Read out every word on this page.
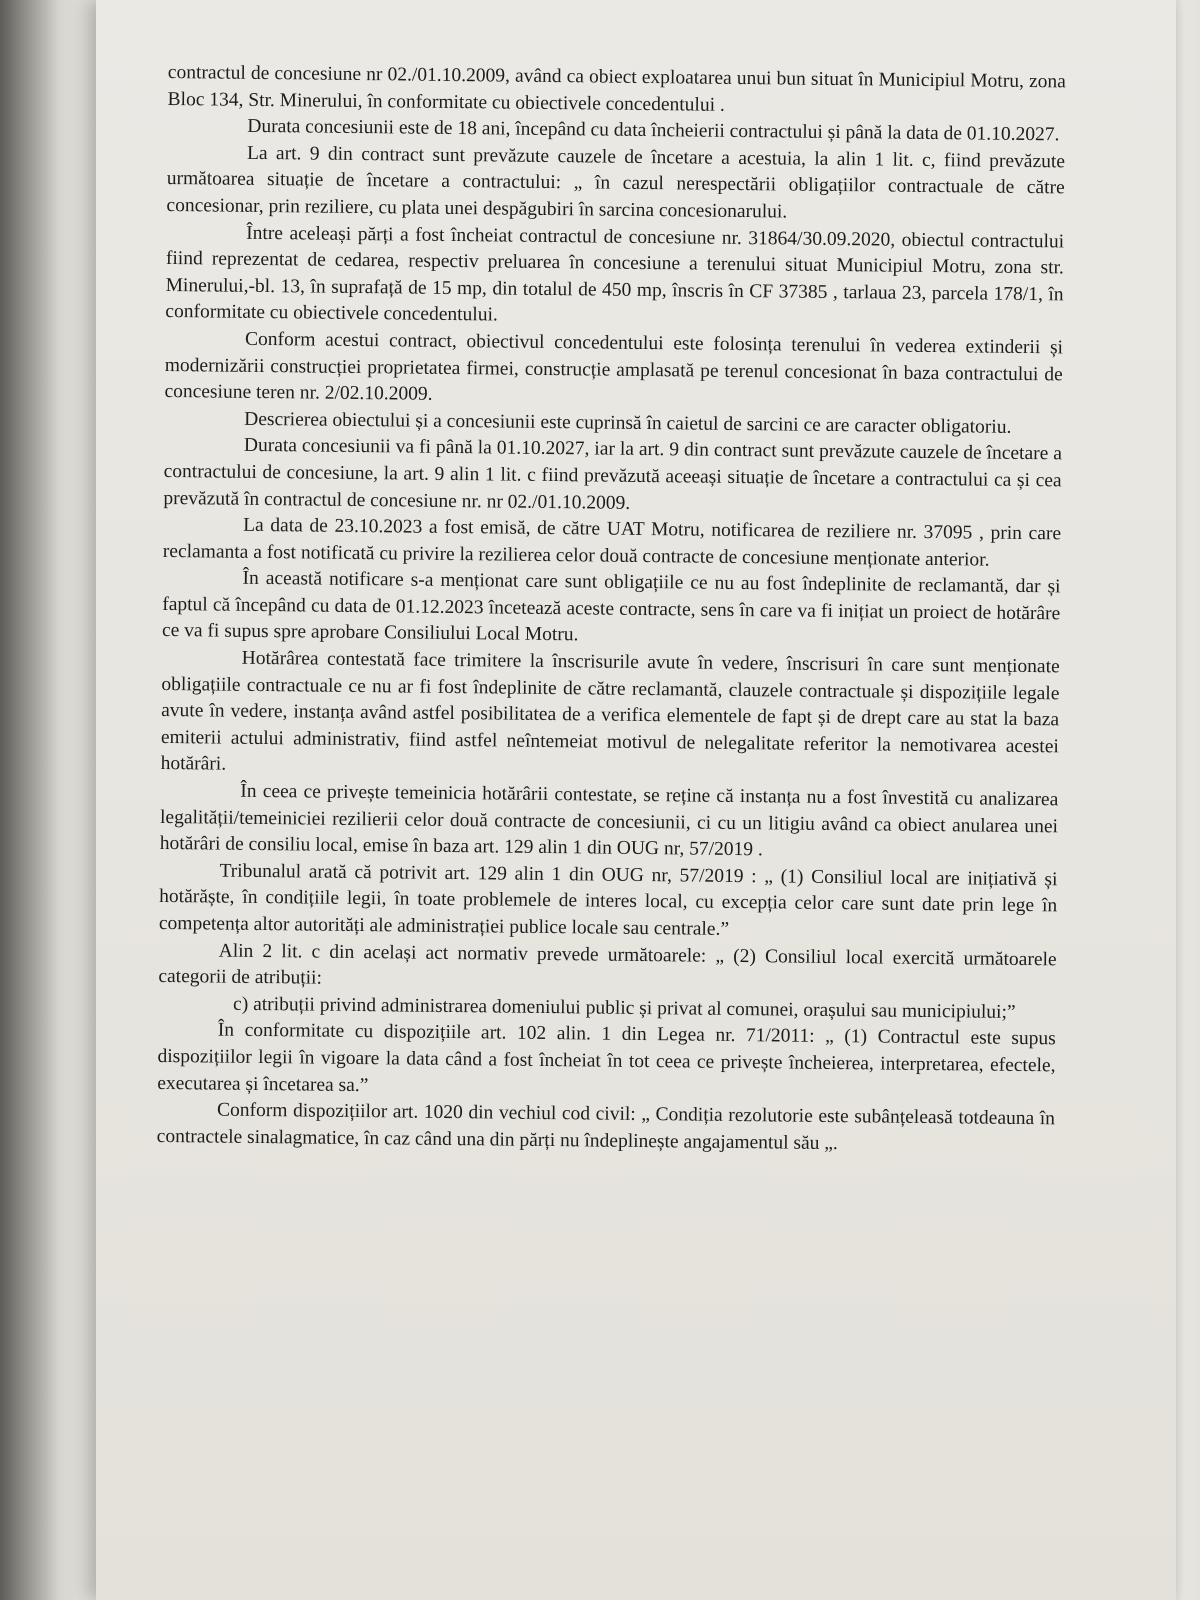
contractul de concesiune nr 02./01.10.2009, având ca obiect exploatarea unui bun situat în Municipiul Motru, zona Bloc 134, Str. Minerului, în conformitate cu obiectivele concedentului .

Durata concesiunii este de 18 ani, începând cu data încheierii contractului și până la data de 01.10.2027.

La art. 9 din contract sunt prevăzute cauzele de încetare a acestuia, la alin 1 lit. c, fiind prevăzute următoarea situație de încetare a contractului: „ în cazul nerespectării obligațiilor contractuale de către concesionar, prin reziliere, cu plata unei despăgubiri în sarcina concesionarului.

Între aceleași părți a fost încheiat contractul de concesiune nr. 31864/30.09.2020, obiectul contractului fiind reprezentat de cedarea, respectiv preluarea în concesiune a terenului situat Municipiul Motru, zona str. Minerului,-bl. 13, în suprafață de 15 mp, din totalul de 450 mp, înscris în CF 37385 , tarlaua 23, parcela 178/1, în conformitate cu obiectivele concedentului.

Conform acestui contract, obiectivul concedentului este folosința terenului în vederea extinderii și modernizării construcției proprietatea firmei, construcție amplasată pe terenul concesionat în baza contractului de concesiune teren nr. 2/02.10.2009.

Descrierea obiectului și a concesiunii este cuprinsă în caietul de sarcini ce are caracter obligatoriu.

Durata concesiunii va fi până la 01.10.2027, iar la art. 9 din contract sunt prevăzute cauzele de încetare a contractului de concesiune, la art. 9 alin 1 lit. c fiind prevăzută aceeași situație de încetare a contractului ca și cea prevăzută în contractul de concesiune nr. nr 02./01.10.2009.

La data de 23.10.2023 a fost emisă, de către UAT Motru, notificarea de reziliere nr. 37095 , prin care reclamanta a fost notificată cu privire la rezilierea celor două contracte de concesiune menționate anterior.

În această notificare s-a menționat care sunt obligațiile ce nu au fost îndeplinite de reclamantă, dar și faptul că începând cu data de 01.12.2023 încetează aceste contracte, sens în care va fi inițiat un proiect de hotărâre ce va fi supus spre aprobare Consiliului Local Motru.

Hotărârea contestată face trimitere la înscrisurile avute în vedere, înscrisuri în care sunt menționate obligațiile contractuale ce nu ar fi fost îndeplinite de către reclamantă, clauzele contractuale și dispozițiile legale avute în vedere, instanța având astfel posibilitatea de a verifica elementele de fapt și de drept care au stat la baza emiterii actului administrativ, fiind astfel neîntemeiat motivul de nelegalitate referitor la nemotivarea acestei hotărâri.

În ceea ce privește temeinicia hotărârii contestate, se reține că instanța nu a fost învestită cu analizarea legalității/temeiniciei rezilierii celor două contracte de concesiunii, ci cu un litigiu având ca obiect anularea unei hotărâri de consiliu local, emise în baza art. 129 alin 1 din OUG nr, 57/2019 .

Tribunalul arată că potrivit art. 129 alin 1 din OUG nr, 57/2019 : „ (1) Consiliul local are inițiativă și hotărăște, în condițiile legii, în toate problemele de interes local, cu excepția celor care sunt date prin lege în competența altor autorități ale administrației publice locale sau centrale.”

Alin 2 lit. c din același act normativ prevede următoarele: „ (2) Consiliul local exercită următoarele categorii de atribuții:

c) atribuții privind administrarea domeniului public și privat al comunei, orașului sau municipiului;”

În conformitate cu dispozițiile art. 102 alin. 1 din Legea nr. 71/2011: „ (1) Contractul este supus dispozițiilor legii în vigoare la data când a fost încheiat în tot ceea ce privește încheierea, interpretarea, efectele, executarea și încetarea sa.”

Conform dispozițiilor art. 1020 din vechiul cod civil: „ Condiția rezolutorie este subânțeleasă totdeauna în contractele sinalagmatice, în caz când una din părți nu îndeplinește angajamentul său „.
